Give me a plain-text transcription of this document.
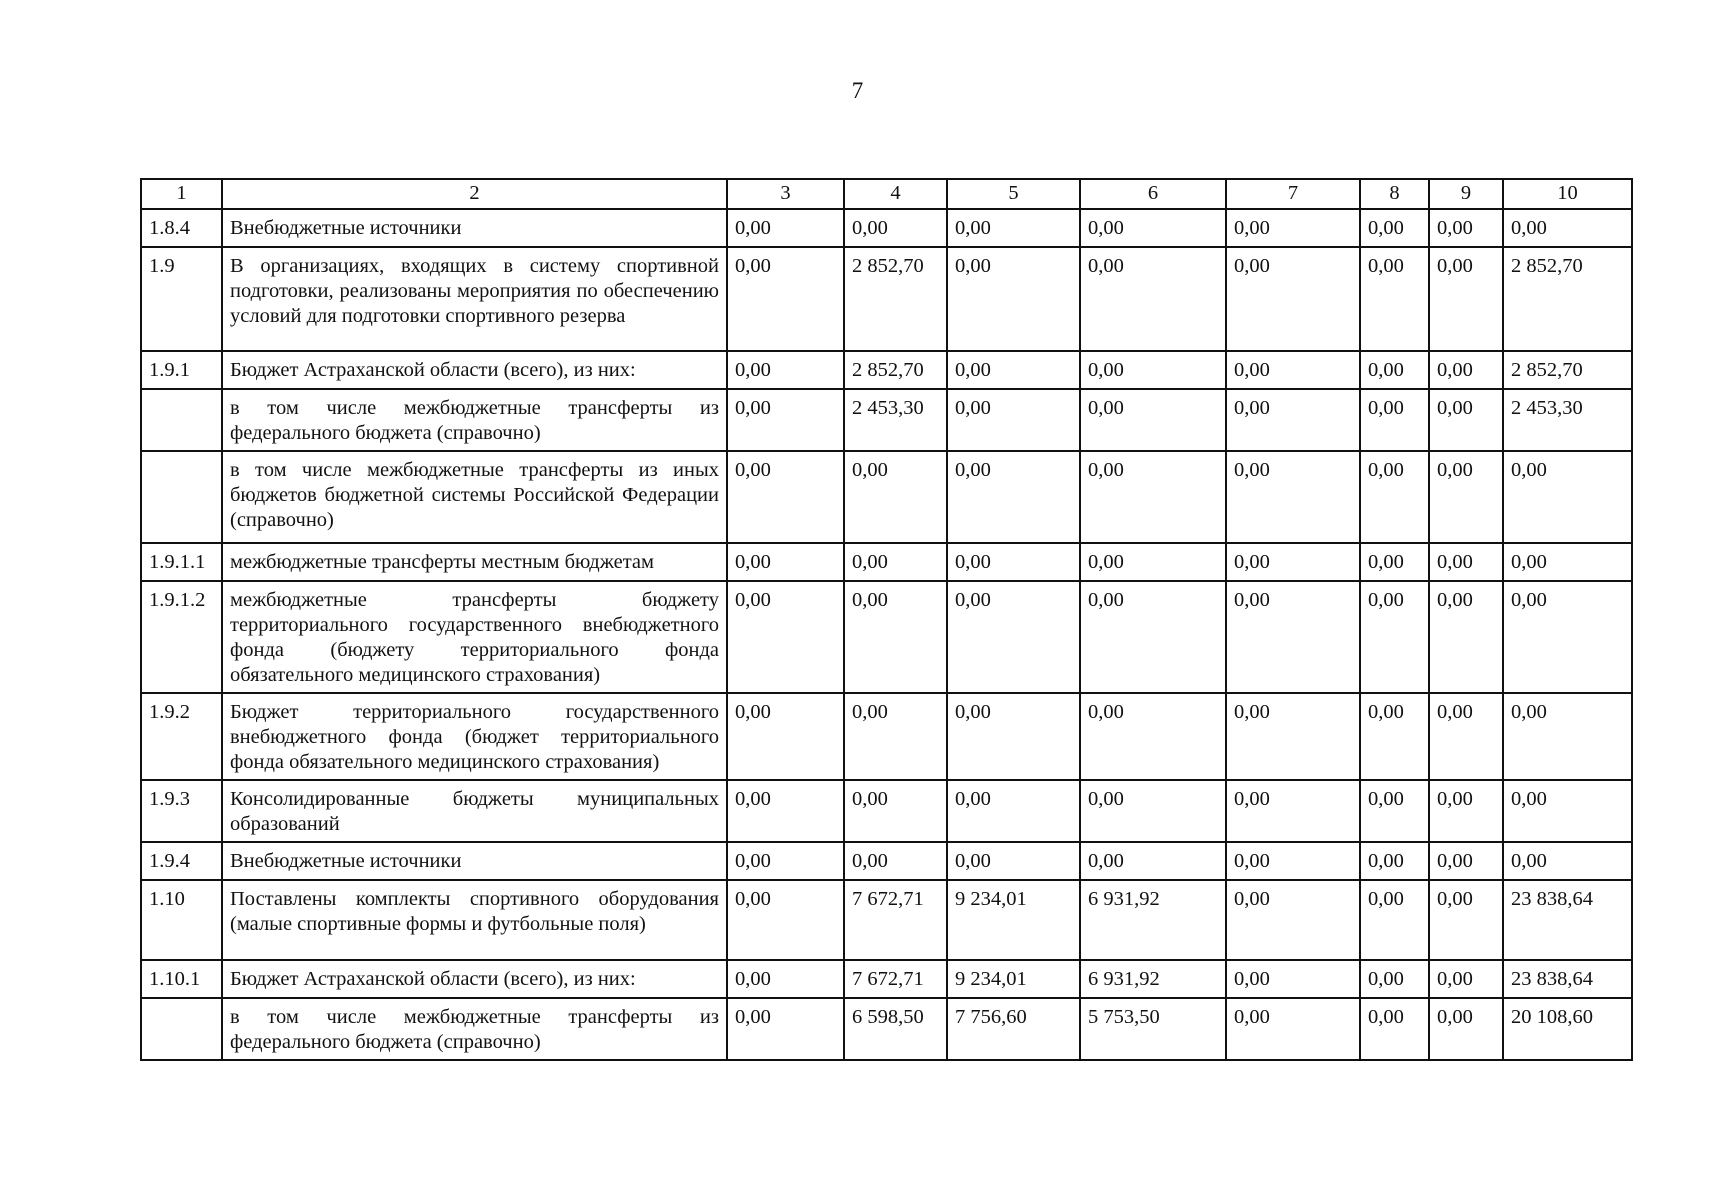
7
1	2	3	4	5	6	7	8	9	10
1.8.4	Внебюджетные источники	0,00	0,00	0,00	0,00	0,00	0,00	0,00	0,00
1.9	В организациях, входящих в систему спортивной подготовки, реализованы мероприятия по обеспечению условий для подготовки спортивного резерва	0,00	2 852,70	0,00	0,00	0,00	0,00	0,00	2 852,70
1.9.1	Бюджет Астраханской области (всего), из них:	0,00	2 852,70	0,00	0,00	0,00	0,00	0,00	2 852,70
	в том числе межбюджетные трансферты из федерального бюджета (справочно)	0,00	2 453,30	0,00	0,00	0,00	0,00	0,00	2 453,30
	в том числе межбюджетные трансферты из иных бюджетов бюджетной системы Российской Федерации (справочно)	0,00	0,00	0,00	0,00	0,00	0,00	0,00	0,00
1.9.1.1	межбюджетные трансферты местным бюджетам	0,00	0,00	0,00	0,00	0,00	0,00	0,00	0,00
1.9.1.2	межбюджетные трансферты бюджету территориального государственного внебюджетного фонда (бюджету территориального фонда обязательного медицинского страхования)	0,00	0,00	0,00	0,00	0,00	0,00	0,00	0,00
1.9.2	Бюджет территориального государственного внебюджетного фонда (бюджет территориального фонда обязательного медицинского страхования)	0,00	0,00	0,00	0,00	0,00	0,00	0,00	0,00
1.9.3	Консолидированные бюджеты муниципальных образований	0,00	0,00	0,00	0,00	0,00	0,00	0,00	0,00
1.9.4	Внебюджетные источники	0,00	0,00	0,00	0,00	0,00	0,00	0,00	0,00
1.10	Поставлены комплекты спортивного оборудования (малые спортивные формы и футбольные поля)	0,00	7 672,71	9 234,01	6 931,92	0,00	0,00	0,00	23 838,64
1.10.1	Бюджет Астраханской области (всего), из них:	0,00	7 672,71	9 234,01	6 931,92	0,00	0,00	0,00	23 838,64
	в том числе межбюджетные трансферты из федерального бюджета (справочно)	0,00	6 598,50	7 756,60	5 753,50	0,00	0,00	0,00	20 108,60
